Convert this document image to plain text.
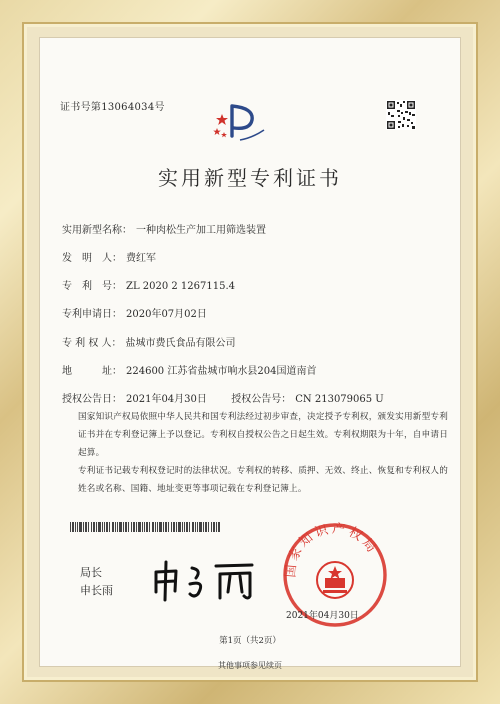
证书号第13064034号
实用新型专利证书
实用新型名称： 一种肉松生产加工用筛选装置
发　明　人： 费红军
专　利　号： ZL 2020 2 1267115.4
专利申请日： 2020年07月02日
专 利 权 人： 盐城市费氏食品有限公司
地　　　址： 224600 江苏省盐城市响水县204国道南首
授权公告日： 2021年04月30日 授权公告号： CN 213079065 U
国家知识产权局依照中华人民共和国专利法经过初步审查，决定授予专利权，颁发实用新型专利证书并在专利登记簿上予以登记。专利权自授权公告之日起生效。专利权期限为十年，自申请日起算。
专利证书记载专利权登记时的法律状况。专利权的转移、质押、无效、终止、恢复和专利权人的姓名或名称、国籍、地址变更等事项记载在专利登记簿上。
局长
申长雨
国家知识产权局
2021年04月30日
第1页（共2页）
其他事项参见续页
